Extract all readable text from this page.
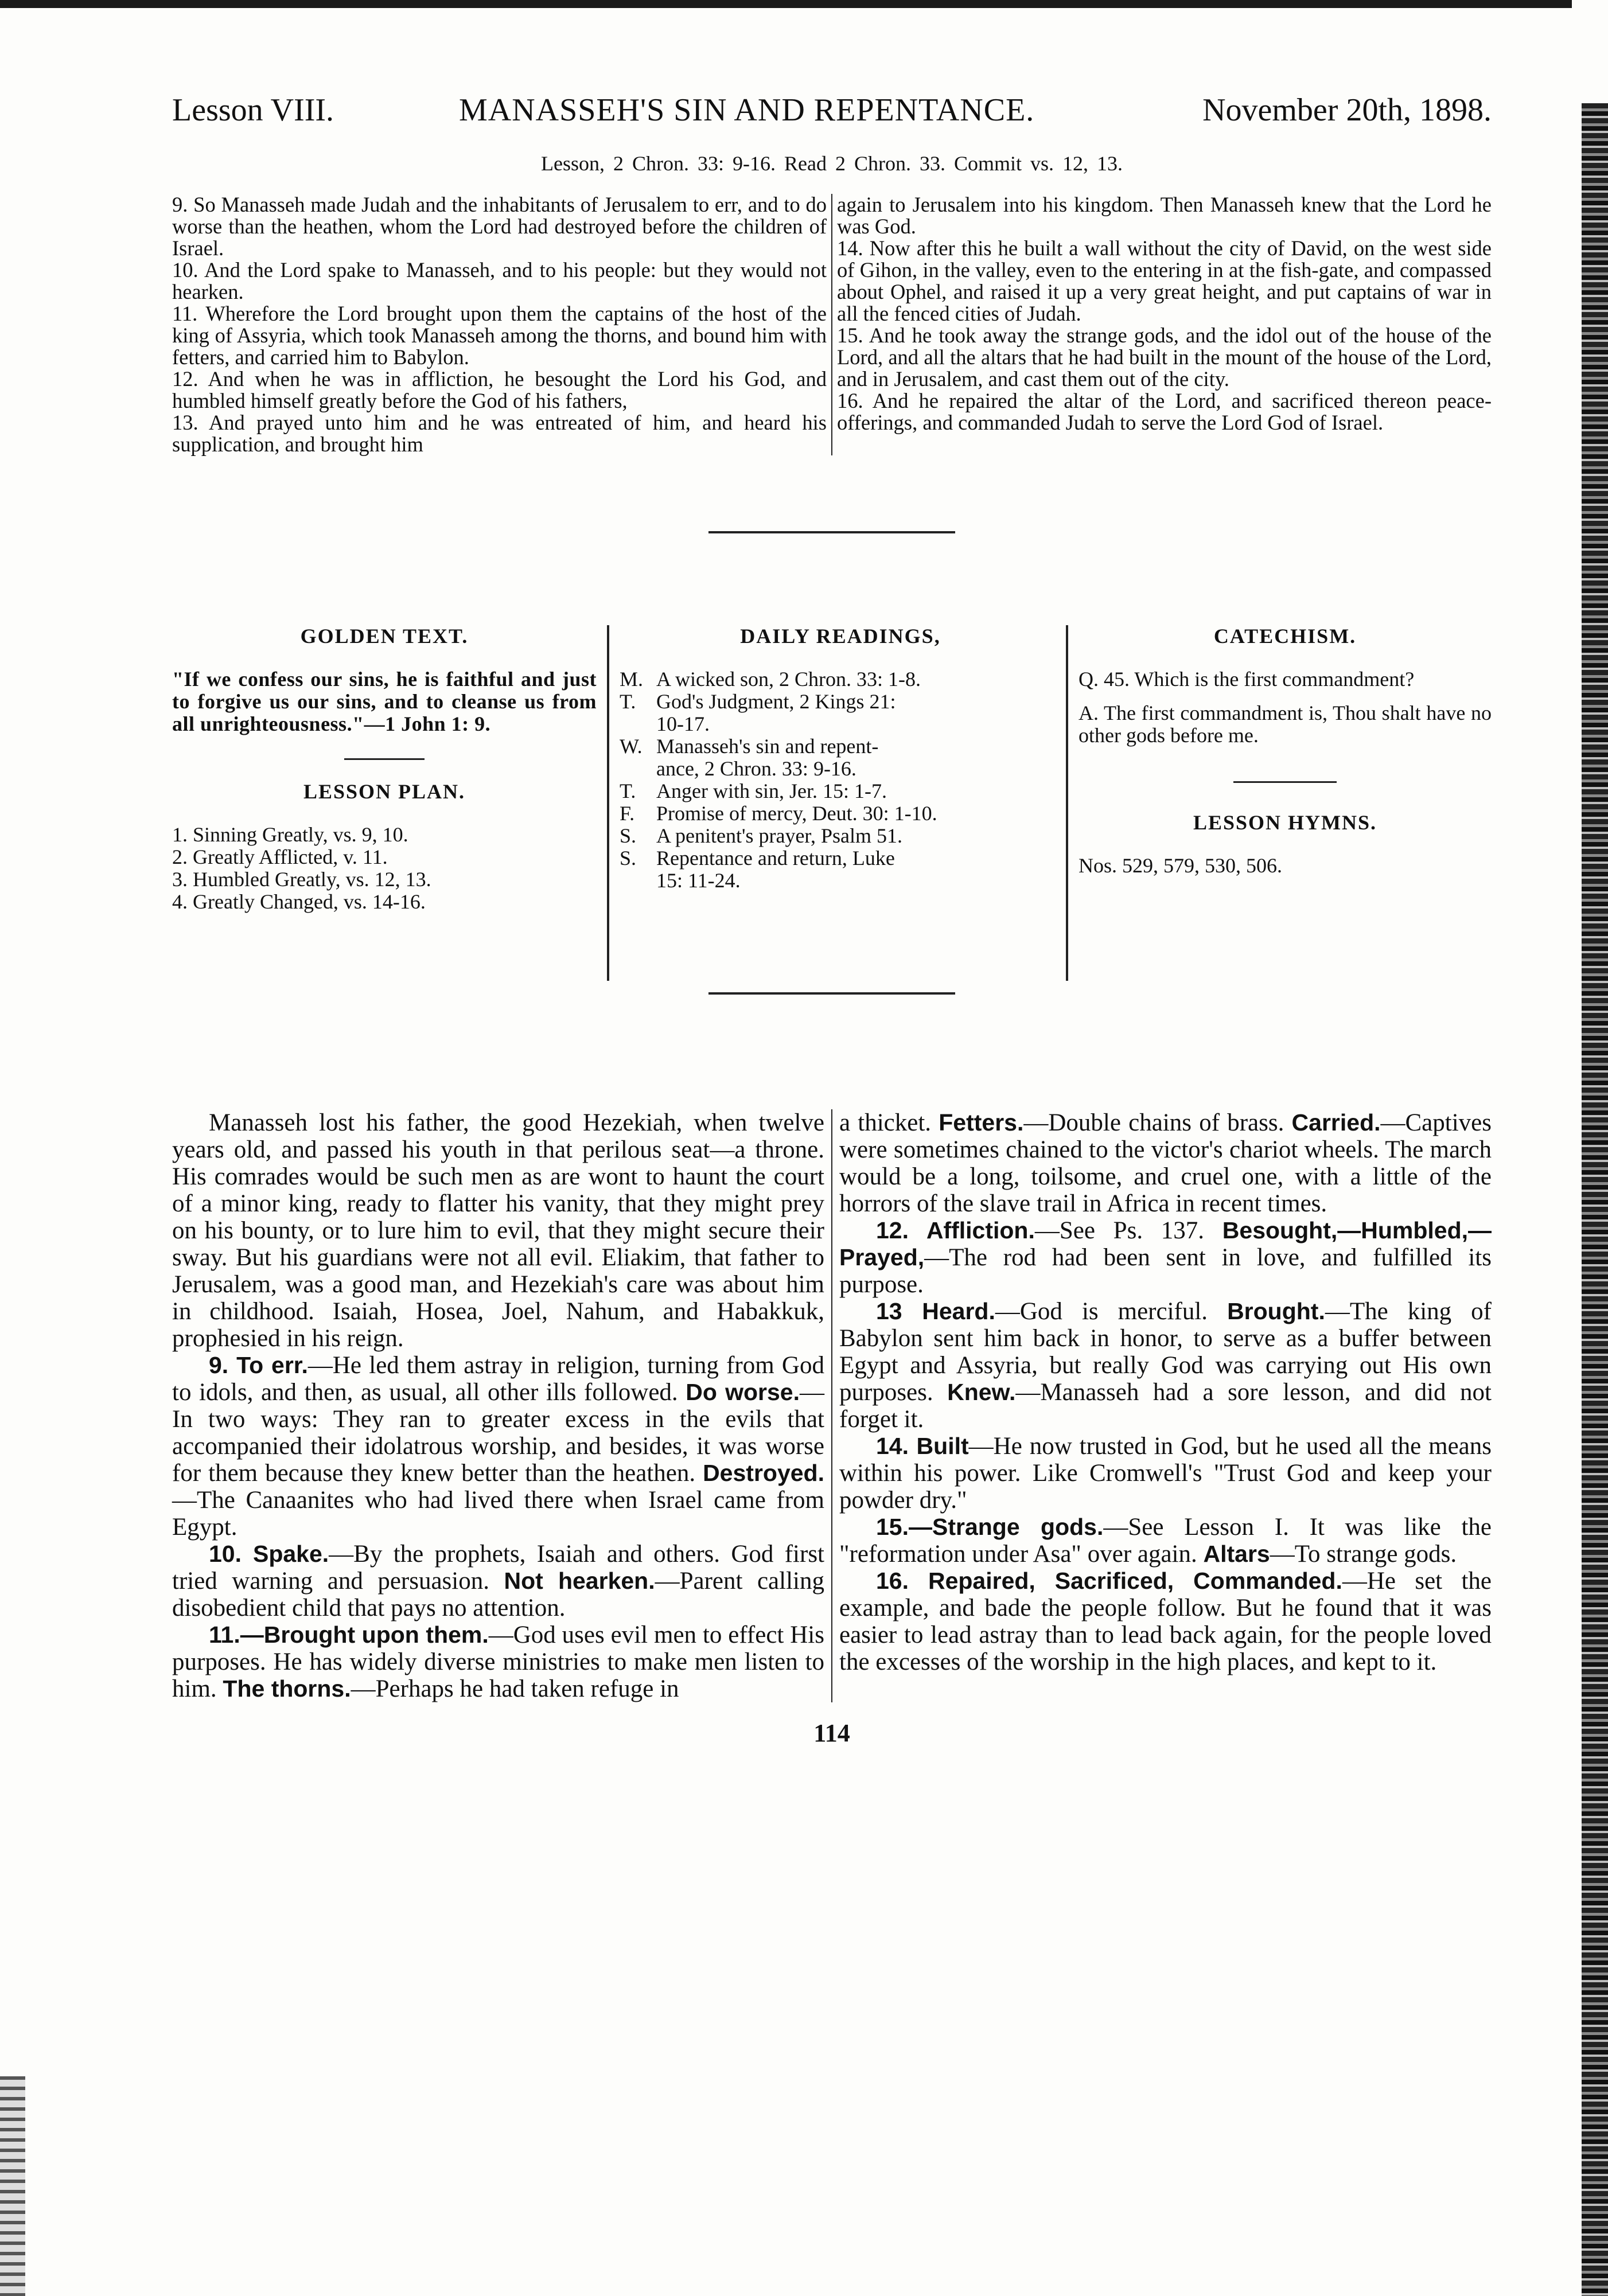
Lesson VIII.	MANASSEH'S SIN AND REPENTANCE.	November 20th, 1898.
Lesson, 2 Chron. 33: 9-16. Read 2 Chron. 33. Commit vs. 12, 13.

9. So Manasseh made Judah and the inhabitants of Jerusalem to err, and to do worse than the heathen, whom the Lord had destroyed before the children of Israel.

10. And the Lord spake to Manasseh, and to his people: but they would not hearken.

11. Wherefore the Lord brought upon them the captains of the host of the king of Assyria, which took Manasseh among the thorns, and bound him with fetters, and carried him to Babylon.

12. And when he was in affliction, he besought the Lord his God, and humbled himself greatly before the God of his fathers,

13. And prayed unto him and he was entreated of him, and heard his supplication, and brought him

again to Jerusalem into his kingdom. Then Manasseh knew that the Lord he was God.

14. Now after this he built a wall without the city of David, on the west side of Gihon, in the valley, even to the entering in at the fish-gate, and compassed about Ophel, and raised it up a very great height, and put captains of war in all the fenced cities of Judah.

15. And he took away the strange gods, and the idol out of the house of the Lord, and all the altars that he had built in the mount of the house of the Lord, and in Jerusalem, and cast them out of the city.

16. And he repaired the altar of the Lord, and sacrificed thereon peace-offerings, and commanded Judah to serve the Lord God of Israel.

GOLDEN TEXT.
"If we confess our sins, he is faithful and just to forgive us our sins, and to cleanse us from all unrighteousness."—1 John 1: 9.
LESSON PLAN.
1. Sinning Greatly, vs. 9, 10.
2. Greatly Afflicted, v. 11.
3. Humbled Greatly, vs. 12, 13.
4. Greatly Changed, vs. 14-16.
DAILY READINGS,
M. A wicked son, 2 Chron. 33: 1-8.
T. God's Judgment, 2 Kings 21:
10-17.
W. Manasseh's sin and repent-
ance, 2 Chron. 33: 9-16.
T. Anger with sin, Jer. 15: 1-7.
F.	Promise of mercy, Deut. 30: 1-10.
S. A penitent's prayer, Psalm 51.
S. Repentance and return, Luke
15: 11-24.
CATECHISM.

Q. 45. Which is the first commandment?

A. The first commandment is, Thou shalt have no other gods before me.

LESSON HYMNS.
Nos. 529, 579, 530, 506.

Manasseh lost his father, the good Hezekiah, when twelve years old, and passed his youth in that perilous seat—a throne. His comrades would be such men as are wont to haunt the court of a minor king, ready to flatter his vanity, that they might prey on his bounty, or to lure him to evil, that they might secure their sway. But his guardians were not all evil. Eliakim, that father to Jerusalem, was a good man, and Hezekiah's care was about him in childhood. Isaiah, Hosea, Joel, Nahum, and Habakkuk, prophesied in his reign.

9. To err.—He led them astray in religion, turning from God to idols, and then, as usual, all other ills followed. Do worse.—In two ways: They ran to greater excess in the evils that accompanied their idolatrous worship, and besides, it was worse for them because they knew better than the heathen. Destroyed.—The Canaanites who had lived there when Israel came from Egypt.

10. Spake.—By the prophets, Isaiah and others. God first tried warning and persuasion. Not hearken.—Parent calling disobedient child that pays no attention.

11.—Brought upon them.—God uses evil men to effect His purposes. He has widely diverse ministries to make men listen to him. The thorns.—Perhaps he had taken refuge in

a thicket. Fetters.—Double chains of brass. Carried.—Captives were sometimes chained to the victor's chariot wheels. The march would be a long, toilsome, and cruel one, with a little of the horrors of the slave trail in Africa in recent times.

12. Affliction.—See Ps. 137. Besought,—Humbled,—Prayed,—The rod had been sent in love, and fulfilled its purpose.

13 Heard.—God is merciful. Brought.—The king of Babylon sent him back in honor, to serve as a buffer between Egypt and Assyria, but really God was carrying out His own purposes. Knew.—Manasseh had a sore lesson, and did not forget it.

14. Built—He now trusted in God, but he used all the means within his power. Like Cromwell's "Trust God and keep your powder dry."

15.—Strange gods.—See Lesson I. It was like the "reformation under Asa" over again. Altars—To strange gods.

16. Repaired, Sacrificed, Commanded.—He set the example, and bade the people follow. But he found that it was easier to lead astray than to lead back again, for the people loved the excesses of the worship in the high places, and kept to it.

114
